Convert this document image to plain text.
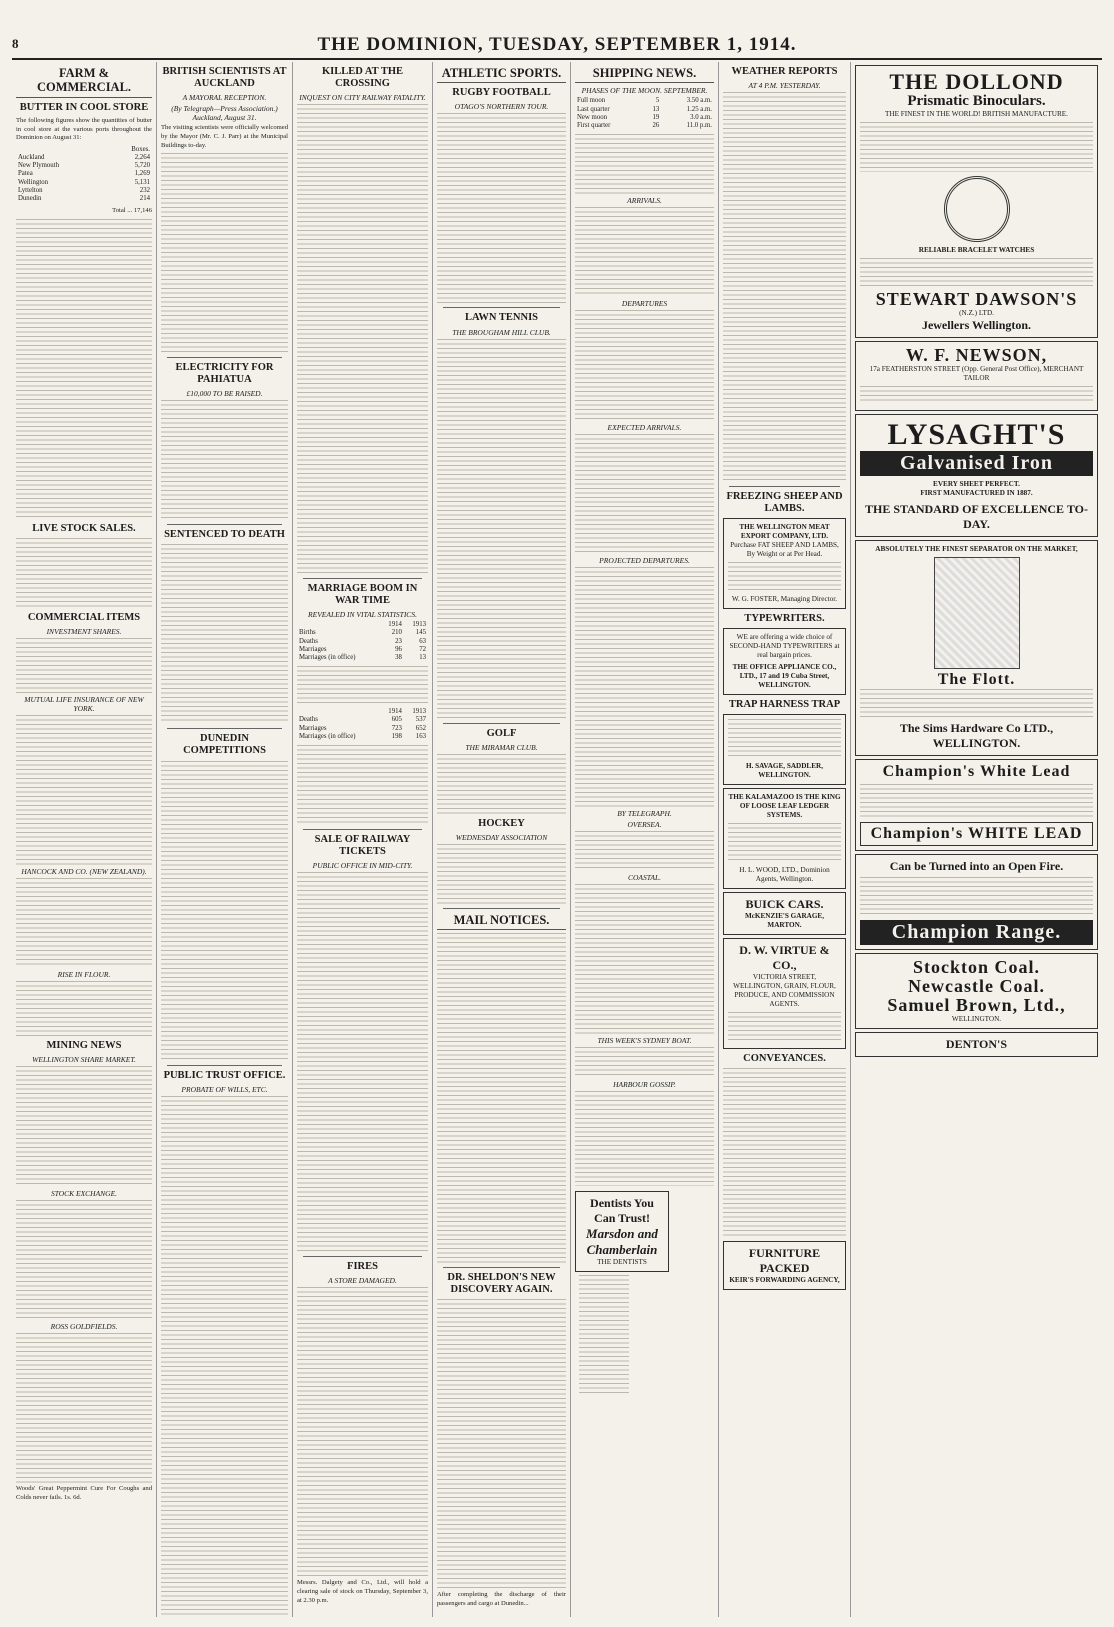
8	THE DOMINION, TUESDAY, SEPTEMBER 1, 1914.
FARM & COMMERCIAL.
BUTTER IN COOL STORE
The following figures show the quantities of butter in cool store at the various ports throughout the Dominion on August 31:
	Boxes.
Auckland	2,264
New Plymouth	5,720
Patea	1,269
Wellington	5,131
Lyttelton	232
Dunedin	214
Total ... 17,146
LIVE STOCK SALES.
COMMERCIAL ITEMS
INVESTMENT SHARES.
MUTUAL LIFE INSURANCE OF NEW YORK.
HANCOCK AND CO. (NEW ZEALAND).
RISE IN FLOUR.
MINING NEWS
WELLINGTON SHARE MARKET.
STOCK EXCHANGE.
ROSS GOLDFIELDS.
Woods' Great Peppermint Cure For Coughs and Colds never fails. 1s. 6d.
BRITISH SCIENTISTS AT AUCKLAND
A MAYORAL RECEPTION.
(By Telegraph—Press Association.) Auckland, August 31.
The visiting scientists were officially welcomed by the Mayor (Mr. C. J. Parr) at the Municipal Buildings to-day.
ELECTRICITY FOR PAHIATUA
£10,000 TO BE RAISED.
SENTENCED TO DEATH
DUNEDIN COMPETITIONS
PUBLIC TRUST OFFICE.
PROBATE OF WILLS, ETC.
KILLED AT THE CROSSING
INQUEST ON CITY RAILWAY FATALITY.
MARRIAGE BOOM IN WAR TIME
REVEALED IN VITAL STATISTICS.
	1914	1913
Births	210	145
Deaths	23	63
Marriages	96	72
Marriages (in office)	38	13
	1914	1913
Deaths	605	537
Marriages	723	652
Marriages (in office)	198	163
SALE OF RAILWAY TICKETS
PUBLIC OFFICE IN MID-CITY.
FIRES
A STORE DAMAGED.
Messrs. Dalgety and Co., Ltd., will hold a clearing sale of stock on Thursday, September 3, at 2.30 p.m.
ATHLETIC SPORTS.
RUGBY FOOTBALL
OTAGO'S NORTHERN TOUR.
LAWN TENNIS
THE BROUGHAM HILL CLUB.
GOLF
THE MIRAMAR CLUB.
HOCKEY
WEDNESDAY ASSOCIATION
MAIL NOTICES.
DR. SHELDON'S NEW DISCOVERY AGAIN.
After completing the discharge of their passengers and cargo at Dunedin...
SHIPPING NEWS.
PHASES OF THE MOON. SEPTEMBER.
Full moon	5	3.50 a.m.
Last quarter	13	1.25 a.m.
New moon	19	3.0 a.m.
First quarter	26	11.0 p.m.
ARRIVALS.
DEPARTURES
EXPECTED ARRIVALS.
PROJECTED DEPARTURES.
BY TELEGRAPH.
OVERSEA.
COASTAL.
THIS WEEK'S SYDNEY BOAT.
HARBOUR GOSSIP.
Dentists You Can Trust!
Marsdon and Chamberlain
THE DENTISTS

WEATHER REPORTS
AT 4 P.M. YESTERDAY.
FREEZING SHEEP AND LAMBS.
THE WELLINGTON MEAT EXPORT COMPANY, LTD.
Purchase FAT SHEEP AND LAMBS, By Weight or at Per Head.
W. G. FOSTER, Managing Director.
TYPEWRITERS.
WE are offering a wide choice of SECOND-HAND TYPEWRITERS at real bargain prices.
THE OFFICE APPLIANCE CO., LTD., 17 and 19 Cuba Street, WELLINGTON.
TRAP HARNESS TRAP
H. SAVAGE, SADDLER, WELLINGTON.
THE KALAMAZOO IS THE KING OF LOOSE LEAF LEDGER SYSTEMS.
H. L. WOOD, LTD., Dominion Agents, Wellington.
BUICK CARS.
McKENZIE'S GARAGE, MARTON.
D. W. VIRTUE & CO.,
VICTORIA STREET, WELLINGTON, GRAIN, FLOUR, PRODUCE, AND COMMISSION AGENTS.
CONVEYANCES.
FURNITURE PACKED
KEIR'S FORWARDING AGENCY,
THE DOLLOND
Prismatic Binoculars.
THE FINEST IN THE WORLD! BRITISH MANUFACTURE.
RELIABLE BRACELET WATCHES
STEWART DAWSON'S
(N.Z.) LTD.
Jewellers Wellington.
W. F. NEWSON,
17a FEATHERSTON STREET (Opp. General Post Office), MERCHANT TAILOR
LYSAGHT'S
Galvanised Iron
EVERY SHEET PERFECT.
FIRST MANUFACTURED IN 1887.
THE STANDARD OF EXCELLENCE TO-DAY.
ABSOLUTELY THE FINEST SEPARATOR ON THE MARKET,
The Flott.
The Sims Hardware Co LTD., WELLINGTON.
Champion's White Lead
Champion's WHITE LEAD
Can be Turned into an Open Fire.
Champion Range.
Stockton Coal.
Newcastle Coal.
Samuel Brown, Ltd.,
WELLINGTON.
DENTON'S
